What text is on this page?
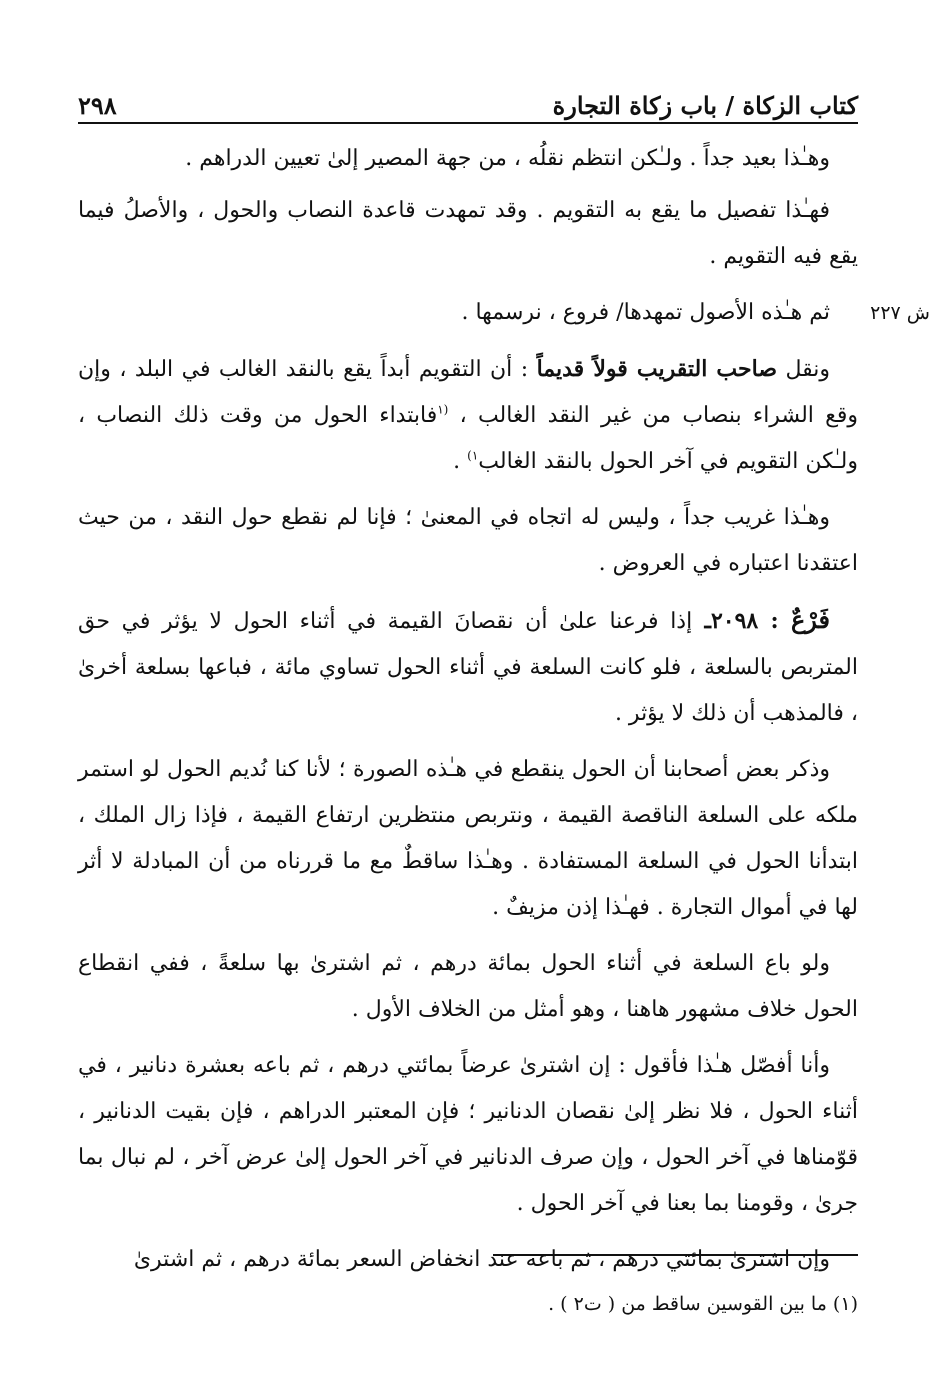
كتاب الزكاة / باب زكاة التجارة
٢٩٨

وهـٰذا بعيد جداً . ولـٰكن انتظم نقلُه ، من جهة المصير إلىٰ تعيين الدراهم .

فهـٰذا تفصيل ما يقع به التقويم . وقد تمهدت قاعدة النصاب والحول ، والأصلُ فيما يقع فيه التقويم .

ش ٢٢٧
ثم هـٰذه الأصول تمهدها/ فروع ، نرسمها .

ونقل صاحب التقريب قولاً قديماً : أن التقويم أبداً يقع بالنقد الغالب في البلد ، وإن وقع الشراء بنصاب من غير النقد الغالب ، $^{(١}$فابتداء الحول من وقت ذلك النصاب ، ولـٰكن التقويم في آخر الحول بالنقد الغالب$^{١)}$ .

وهـٰذا غريب جداً ، وليس له اتجاه في المعنىٰ ؛ فإنا لم نقطع حول النقد ، من حيث اعتقدنا اعتباره في العروض .

فَرْعٌ : ٢٠٩٨ـ إذا فرعنا علىٰ أن نقصانَ القيمة في أثناء الحول لا يؤثر في حق المتربص بالسلعة ، فلو كانت السلعة في أثناء الحول تساوي مائة ، فباعها بسلعة أخرىٰ ، فالمذهب أن ذلك لا يؤثر .

وذكر بعض أصحابنا أن الحول ينقطع في هـٰذه الصورة ؛ لأنا كنا نُديم الحول لو استمر ملكه على السلعة الناقصة القيمة ، ونتربص منتظرين ارتفاع القيمة ، فإذا زال الملك ، ابتدأنا الحول في السلعة المستفادة . وهـٰذا ساقطٌ مع ما قررناه من أن المبادلة لا أثر لها في أموال التجارة . فهـٰذا إذن مزيفٌ .

ولو باع السلعة في أثناء الحول بمائة درهم ، ثم اشترىٰ بها سلعةً ، ففي انقطاع الحول خلاف مشهور هاهنا ، وهو أمثل من الخلاف الأول .

وأنا أفصّل هـٰذا فأقول : إن اشترىٰ عرضاً بمائتي درهم ، ثم باعه بعشرة دنانير ، في أثناء الحول ، فلا نظر إلىٰ نقصان الدنانير ؛ فإن المعتبر الدراهم ، فإن بقيت الدنانير ، قوّمناها في آخر الحول ، وإن صرف الدنانير في آخر الحول إلىٰ عرض آخر ، لم نبال بما جرىٰ ، وقومنا بما بعنا في آخر الحول .

وإن اشترىٰ بمائتي درهم ، ثم باعه عند انخفاض السعر بمائة درهم ، ثم اشترىٰ

(١) ما بين القوسين ساقط من ( ت٢ ) .
